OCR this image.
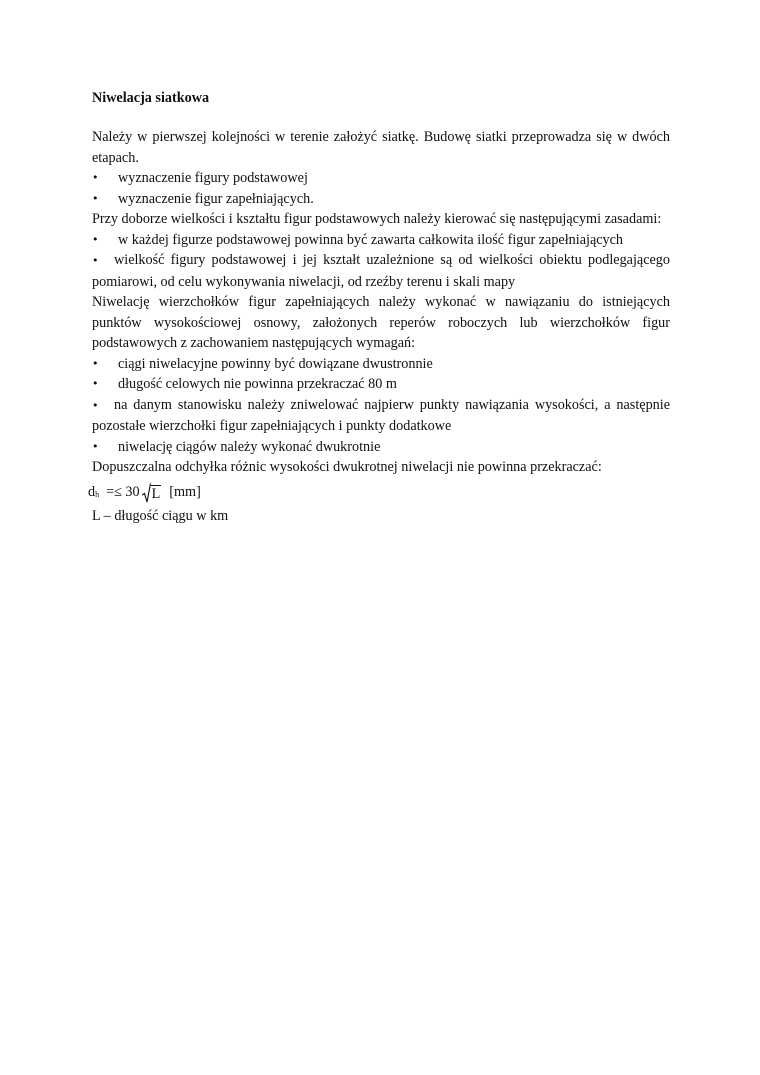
Niwelacja siatkowa

Należy w pierwszej kolejności w terenie założyć siatkę. Budowę siatki przeprowadza się w dwóch etapach.

• wyznaczenie figury podstawowej
• wyznaczenie figur zapełniających.

Przy doborze wielkości i kształtu figur podstawowych należy kierować się następującymi zasadami:

• w każdej figurze podstawowej powinna być zawarta całkowita ilość figur zapełniających
• wielkość figury podstawowej i jej kształt uzależnione są od wielkości obiektu podlegającego pomiarowi, od celu wykonywania niwelacji, od rzeźby terenu i skali mapy

Niwelację wierzchołków figur zapełniających należy wykonać w nawiązaniu do istniejących punktów wysokościowej osnowy, założonych reperów roboczych lub wierzchołków figur podstawowych z zachowaniem następujących wymagań:

• ciągi niwelacyjne powinny być dowiązane dwustronnie
• długość celowych nie powinna przekraczać 80 m
• na danym stanowisku należy zniwelować najpierw punkty nawiązania wysokości, a następnie pozostałe wierzchołki figur zapełniających i punkty dodatkowe
• niwelację ciągów należy wykonać dwukrotnie

Dopuszczalna odchyłka różnic wysokości dwukrotnej niwelacji nie powinna przekraczać:

d h =≤ 30 L [mm]

L – długość ciągu w km
